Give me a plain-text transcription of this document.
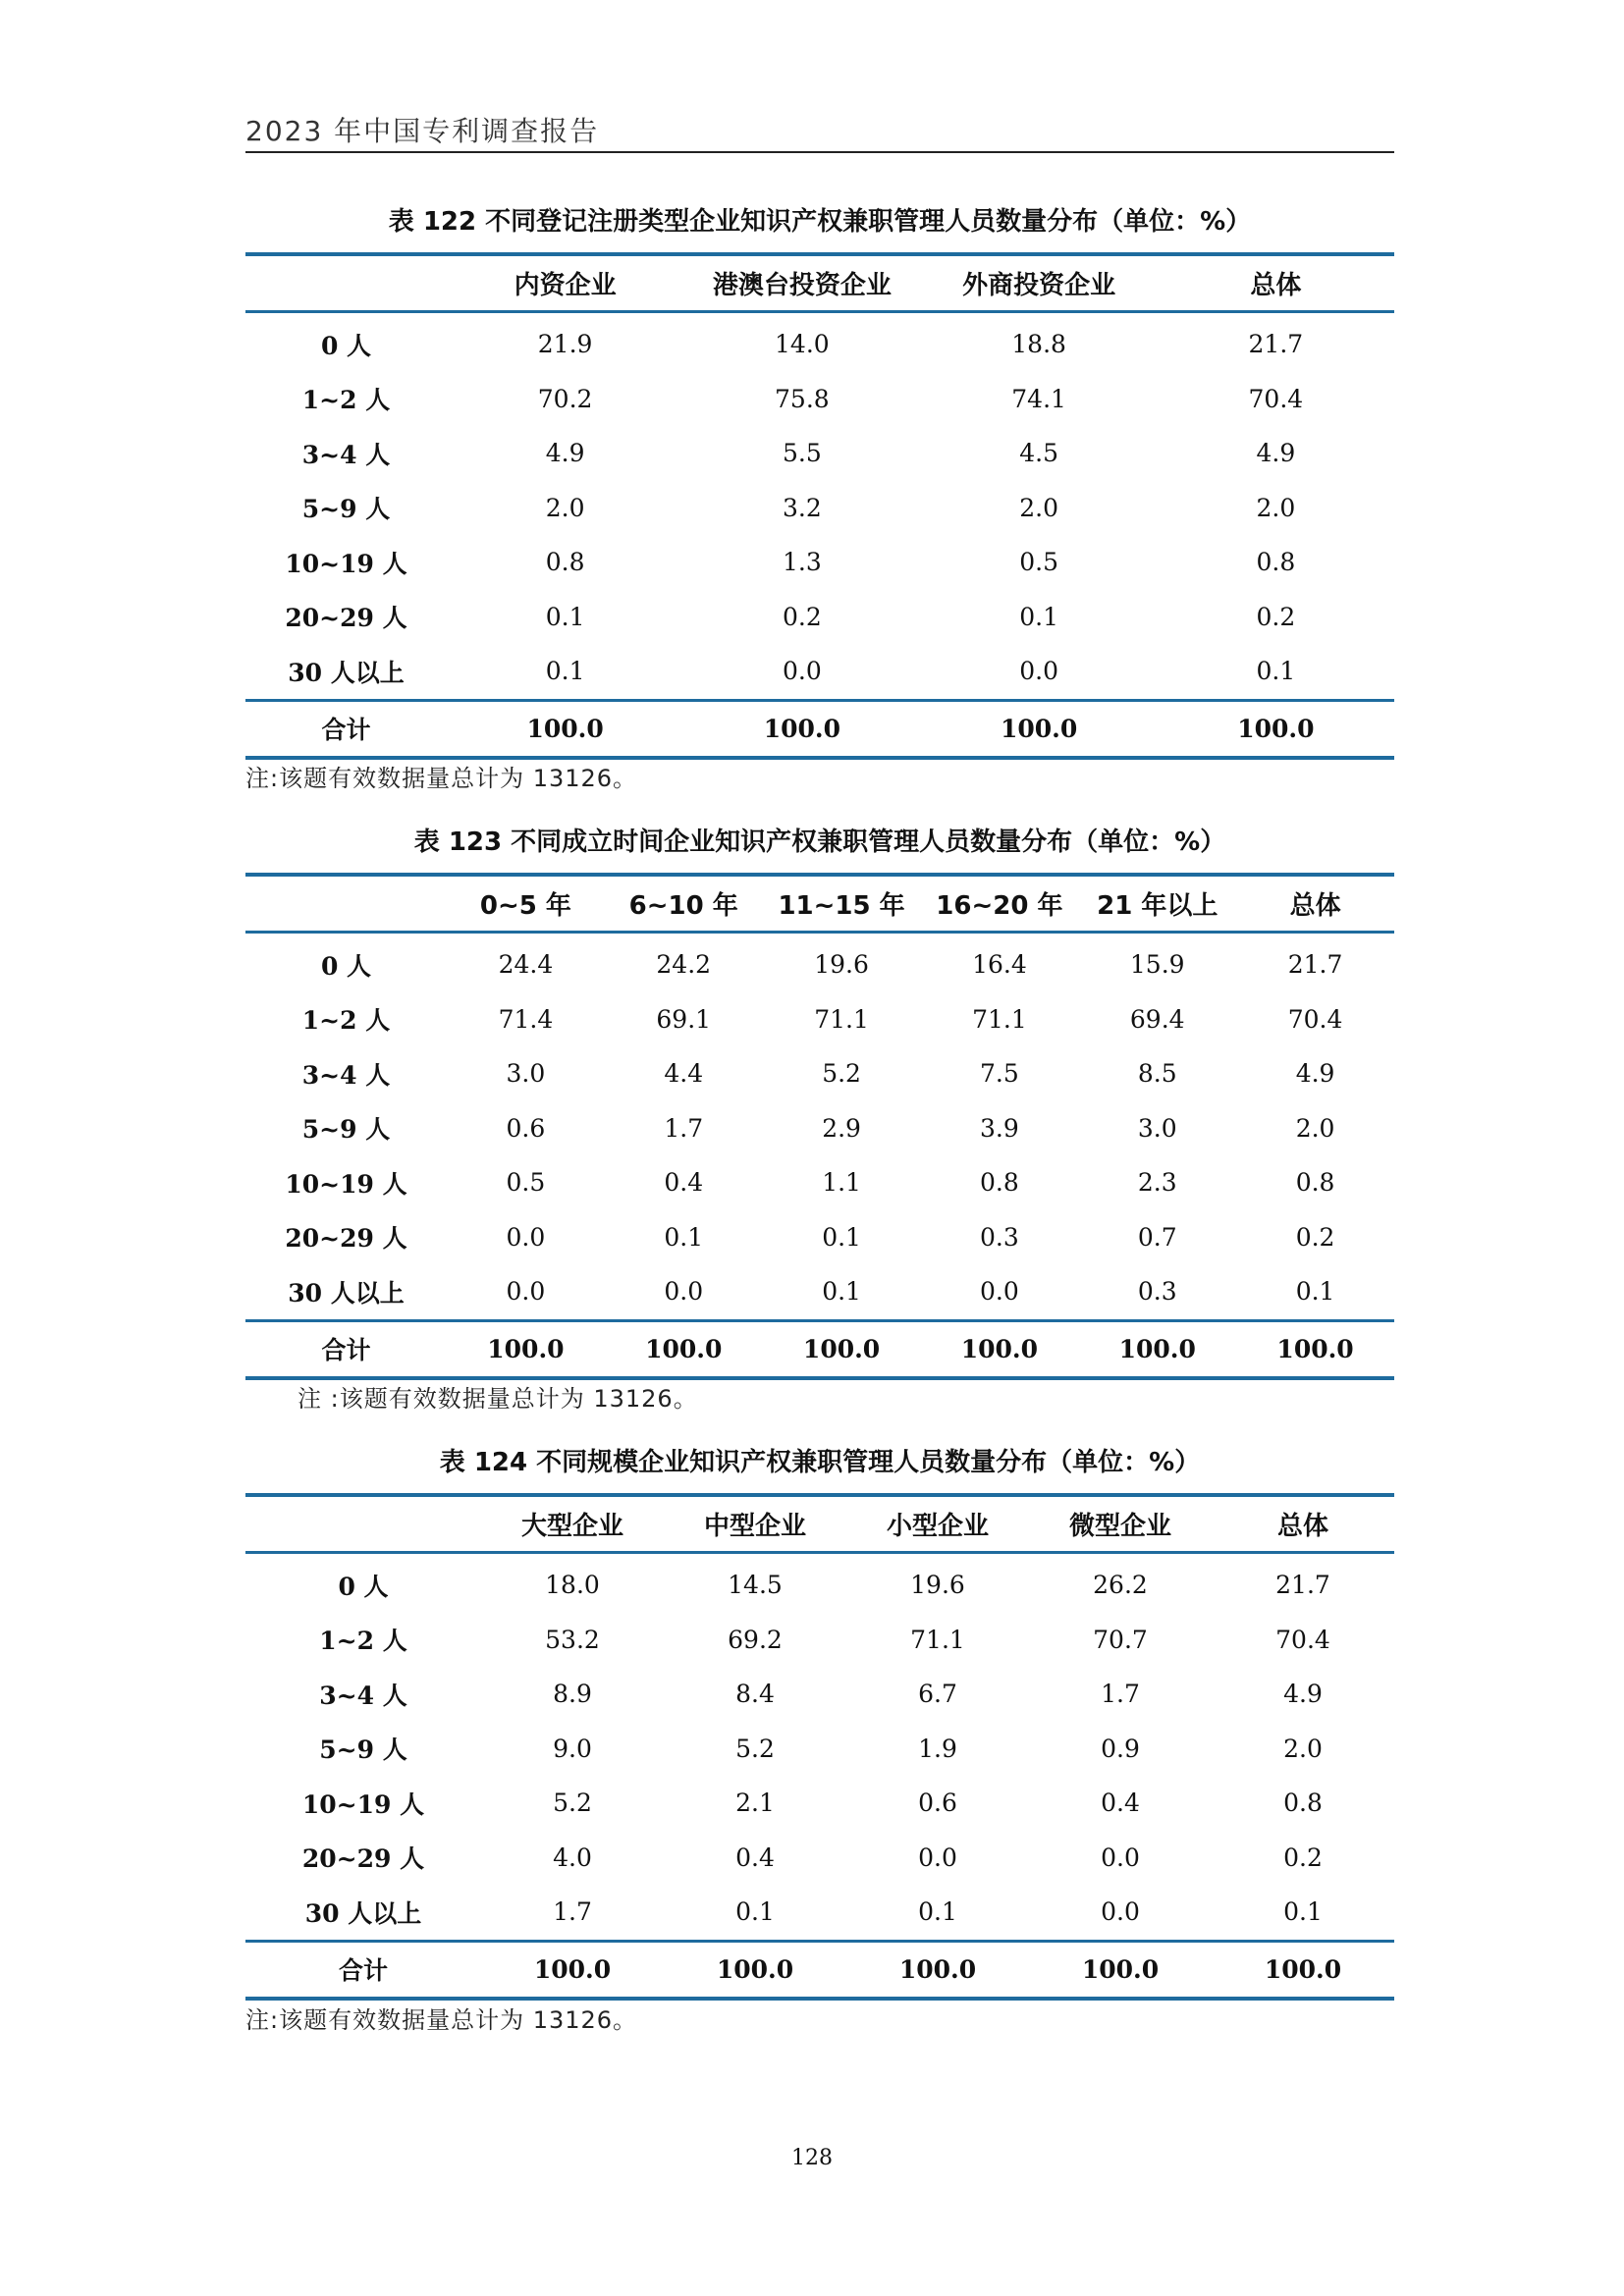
2023 年中国专利调查报告
表 122 不同登记注册类型企业知识产权兼职管理人员数量分布（单位：%）
	内资企业	港澳台投资企业	外商投资企业	总体
0 人	21.9	14.0	18.8	21.7
1~2 人	70.2	75.8	74.1	70.4
3~4 人	4.9	5.5	4.5	4.9
5~9 人	2.0	3.2	2.0	2.0
10~19 人	0.8	1.3	0.5	0.8
20~29 人	0.1	0.2	0.1	0.2
30 人以上	0.1	0.0	0.0	0.1
合计	100.0	100.0	100.0	100.0
注:该题有效数据量总计为 13126。
表 123 不同成立时间企业知识产权兼职管理人员数量分布（单位：%）
	0~5 年	6~10 年	11~15 年	16~20 年	21 年以上	总体
0 人	24.4	24.2	19.6	16.4	15.9	21.7
1~2 人	71.4	69.1	71.1	71.1	69.4	70.4
3~4 人	3.0	4.4	5.2	7.5	8.5	4.9
5~9 人	0.6	1.7	2.9	3.9	3.0	2.0
10~19 人	0.5	0.4	1.1	0.8	2.3	0.8
20~29 人	0.0	0.1	0.1	0.3	0.7	0.2
30 人以上	0.0	0.0	0.1	0.0	0.3	0.1
合计	100.0	100.0	100.0	100.0	100.0	100.0
注 :该题有效数据量总计为 13126。
表 124 不同规模企业知识产权兼职管理人员数量分布（单位：%）
	大型企业	中型企业	小型企业	微型企业	总体
0 人	18.0	14.5	19.6	26.2	21.7
1~2 人	53.2	69.2	71.1	70.7	70.4
3~4 人	8.9	8.4	6.7	1.7	4.9
5~9 人	9.0	5.2	1.9	0.9	2.0
10~19 人	5.2	2.1	0.6	0.4	0.8
20~29 人	4.0	0.4	0.0	0.0	0.2
30 人以上	1.7	0.1	0.1	0.0	0.1
合计	100.0	100.0	100.0	100.0	100.0
注:该题有效数据量总计为 13126。
128
